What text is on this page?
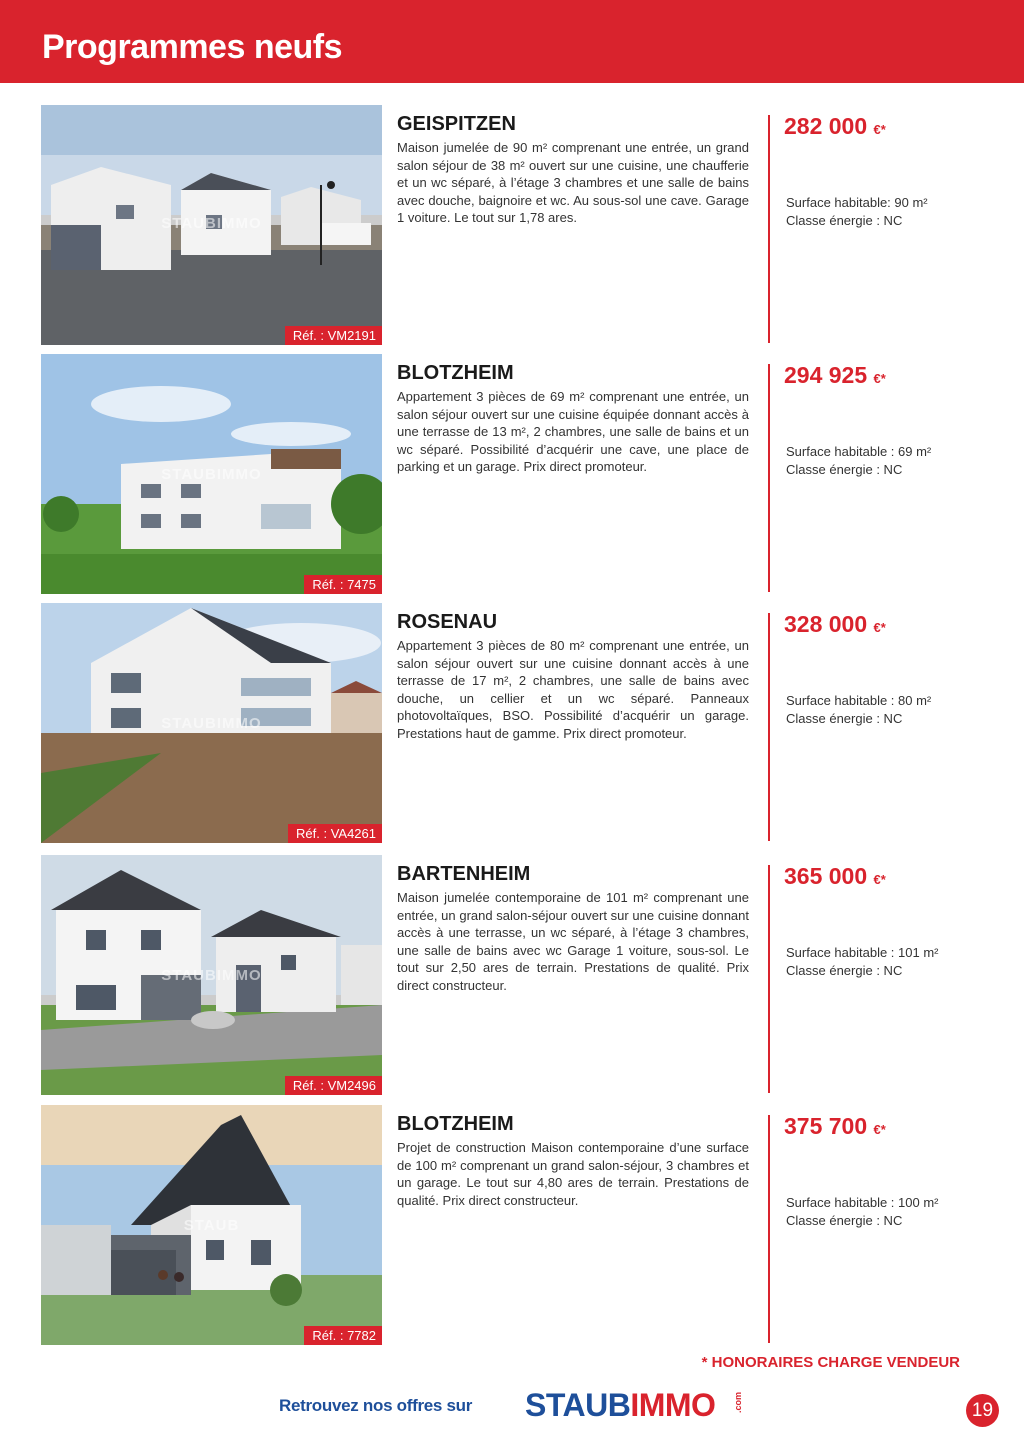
Programmes neufs
STAUBIMMO
Réf. : VM2191
GEISPITZEN
Maison jumelée de 90 m² comprenant une entrée, un grand salon séjour de 38 m² ouvert sur une cuisine, une chaufferie et un wc séparé, à l’étage 3 chambres et une salle de bains avec douche, baignoire et wc. Au sous-sol une cave. Garage 1 voiture. Le tout sur 1,78 ares.
282 000 €*
Surface habitable: 90 m²
Classe énergie : NC
STAUBIMMO
Réf. : 7475
BLOTZHEIM
Appartement 3 pièces de 69 m² comprenant une entrée, un salon séjour ouvert sur une cuisine équipée donnant accès à une terrasse de 13 m², 2 chambres, une salle de bains et un wc séparé. Possibilité d’acquérir une cave, une place de parking et un garage. Prix direct promoteur.
294 925 €*
Surface habitable : 69 m²
Classe énergie : NC
STAUBIMMO
Réf. : VA4261
ROSENAU
Appartement 3 pièces de 80 m² comprenant une entrée, un salon séjour ouvert sur une cuisine donnant accès à une terrasse de 17 m², 2 chambres, une salle de bains avec douche, un cellier et un wc séparé. Panneaux photovoltaïques, BSO. Possibilité d’acquérir un garage. Prestations haut de gamme. Prix direct promoteur.
328 000 €*
Surface habitable : 80 m²
Classe énergie : NC
STAUBIMMO
Réf. : VM2496
BARTENHEIM
Maison jumelée contemporaine de 101 m² comprenant une entrée, un grand salon-séjour ouvert sur une cuisine donnant accès à une terrasse, un wc séparé, à l’étage 3 chambres, une salle de bains avec wc Garage 1 voiture, sous-sol. Le tout sur 2,50 ares de terrain. Prestations de qualité. Prix direct constructeur.
365 000 €*
Surface habitable : 101 m²
Classe énergie : NC
STAUB
Réf. : 7782
BLOTZHEIM
Projet de construction Maison contemporaine d’une surface de 100 m² comprenant un grand salon-séjour, 3 chambres et un garage. Le tout sur 4,80 ares de terrain. Prestations de qualité. Prix direct constructeur.
375 700 €*
Surface habitable : 100 m²
Classe énergie : NC
* HONORAIRES CHARGE VENDEUR
Retrouvez nos offres sur STAUBIMMO .com	19
